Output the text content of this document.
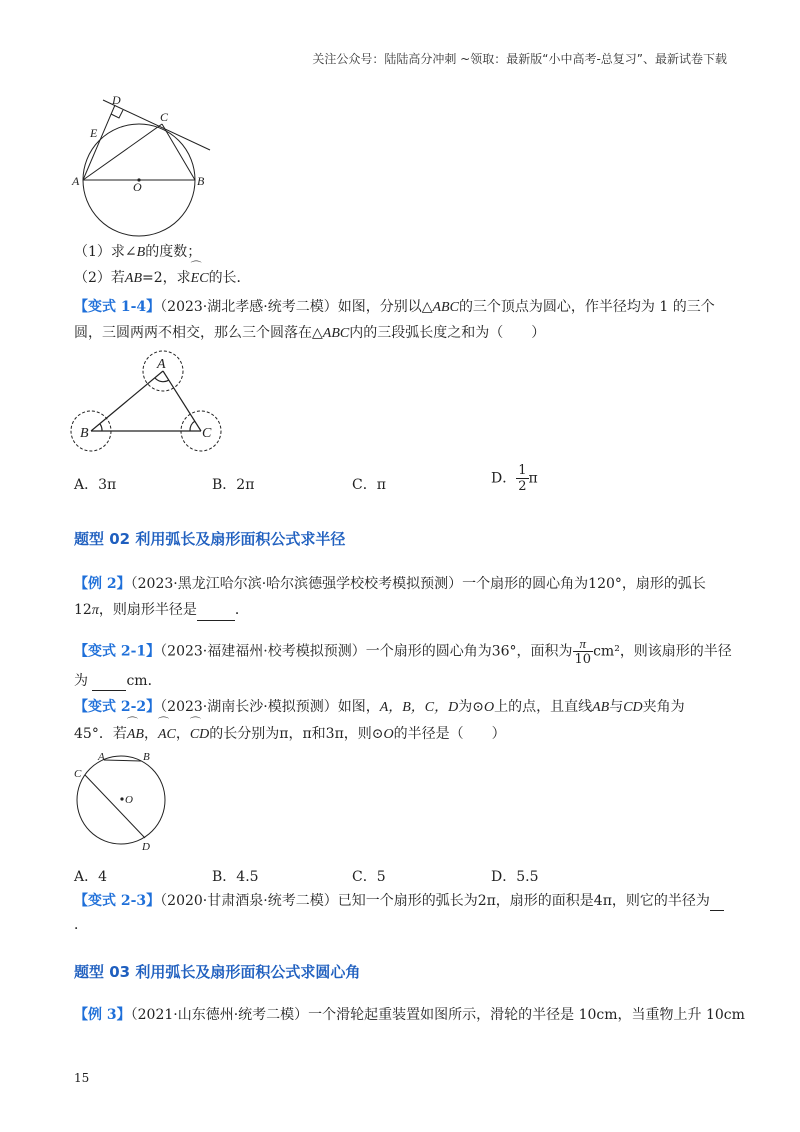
关注公众号：陆陆高分冲刺 ~领取：最新版“小中高考-总复习”、最新试卷下载
D
E
C
A	O	B
（1）求∠B的度数；
（2）若AB=2，求⌒ EC的长．
【变式 1-4】（2023·湖北孝感·统考二模）如图，分别以△ABC的三个顶点为圆心，作半径均为 1 的三个
圆，三圆两两不相交，那么三个圆落在△ABC内的三段弧长度之和为（　　）
A
B	C
A．3π	B．2π	C．π	D． $\frac{1}{2}$ π
题型 02 利用弧长及扇形面积公式求半径
【例 2】（2023·黑龙江哈尔滨·哈尔滨德强学校校考模拟预测）一个扇形的圆心角为120°，扇形的弧长
12π，则扇形半径是	．
【变式 2-1】（2023·福建福州·校考模拟预测）一个扇形的圆心角为36°，面积为 $\frac{\pi}{10} cm^2$，则该扇形的半径
为 cm．
【变式 2-2】（2023·湖南长沙·模拟预测）如图，A，B，C，D为⊙O上的点，且直线AB与CD夹角为
45°．若⌒ AB，⌒ AC，⌒ CD的长分别为π，π和3π，则⊙O的半径是（　　）
A	B
C
O
D
A．4	B．4.5	C．5	D．5.5
【变式 2-3】（2020·甘肃酒泉·统考二模）已知一个扇形的弧长为2π，扇形的面积是4π，则它的半径为
．
题型 03 利用弧长及扇形面积公式求圆心角
【例 3】（2021·山东德州·统考二模）一个滑轮起重装置如图所示，滑轮的半径是 10cm，当重物上升 10cm
15
